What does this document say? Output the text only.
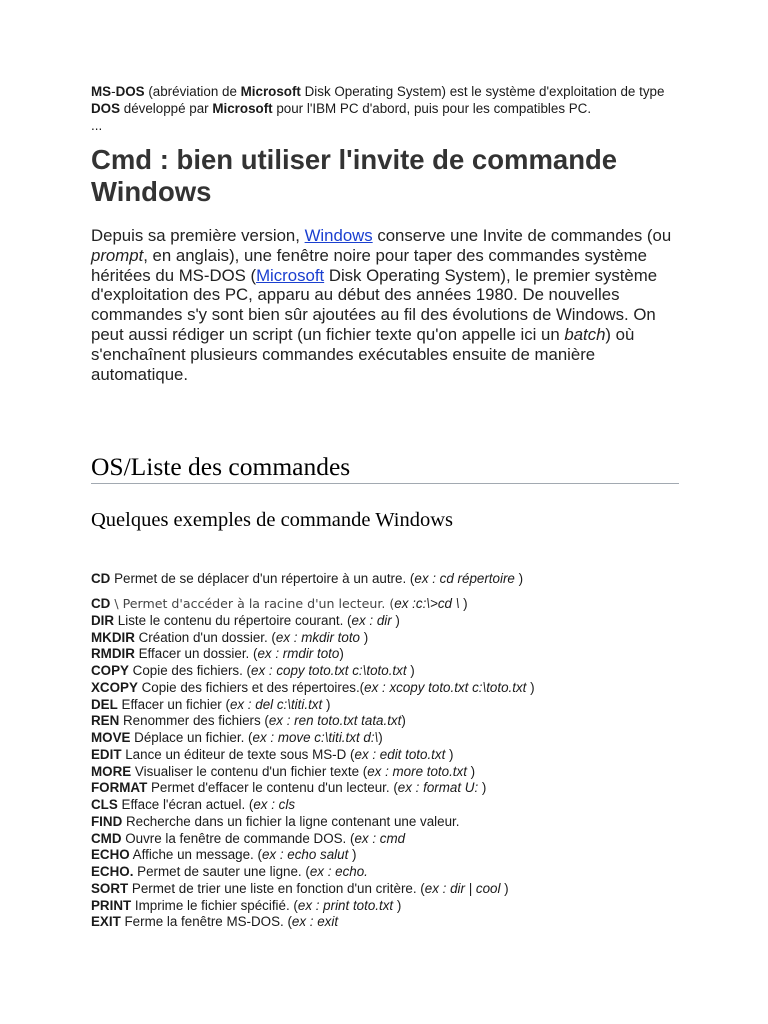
MS-DOS (abréviation de Microsoft Disk Operating System) est le système d'exploitation de type DOS développé par Microsoft pour l'IBM PC d'abord, puis pour les compatibles PC.
...
Cmd : bien utiliser l'invite de commande Windows
Depuis sa première version, Windows conserve une Invite de commandes (ou prompt, en anglais), une fenêtre noire pour taper des commandes système héritées du MS-DOS (Microsoft Disk Operating System), le premier système d'exploitation des PC, apparu au début des années 1980. De nouvelles commandes s'y sont bien sûr ajoutées au fil des évolutions de Windows. On peut aussi rédiger un script (un fichier texte qu'on appelle ici un batch) où s'enchaînent plusieurs commandes exécutables ensuite de manière automatique.
OS/Liste des commandes
Quelques exemples de commande Windows
CD Permet de se déplacer d'un répertoire à un autre. (ex : cd répertoire )
CD \ Permet d'accéder à la racine d'un lecteur. (ex :c:\>cd \ )
DIR Liste le contenu du répertoire courant. (ex : dir )
MKDIR Création d'un dossier. (ex : mkdir toto )
RMDIR Effacer un dossier. (ex : rmdir toto)
COPY Copie des fichiers. (ex : copy toto.txt c:\toto.txt )
XCOPY Copie des fichiers et des répertoires.(ex : xcopy toto.txt c:\toto.txt )
DEL Effacer un fichier (ex : del c:\titi.txt )
REN Renommer des fichiers (ex : ren toto.txt tata.txt)
MOVE Déplace un fichier. (ex : move c:\titi.txt d:\)
EDIT Lance un éditeur de texte sous MS-D (ex : edit toto.txt )
MORE Visualiser le contenu d'un fichier texte (ex : more toto.txt )
FORMAT Permet d'effacer le contenu d'un lecteur. (ex : format U: )
CLS Efface l'écran actuel. (ex : cls
FIND Recherche dans un fichier la ligne contenant une valeur.
CMD Ouvre la fenêtre de commande DOS. (ex : cmd
ECHO Affiche un message. (ex : echo salut )
ECHO. Permet de sauter une ligne. (ex : echo.
SORT Permet de trier une liste en fonction d'un critère. (ex : dir | cool )
PRINT Imprime le fichier spécifié. (ex : print toto.txt )
EXIT Ferme la fenêtre MS-DOS. (ex : exit
